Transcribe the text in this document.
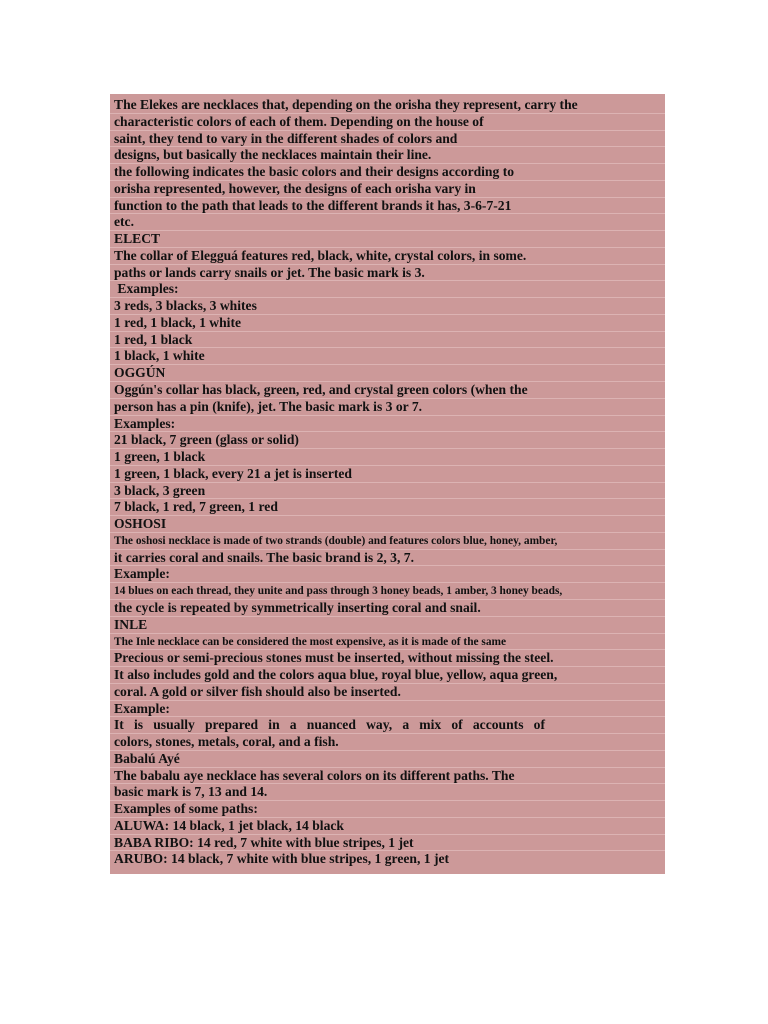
The Elekes are necklaces that, depending on the orisha they represent, carry the
characteristic colors of each of them. Depending on the house of
saint, they tend to vary in the different shades of colors and
designs, but basically the necklaces maintain their line.
the following indicates the basic colors and their designs according to
orisha represented, however, the designs of each orisha vary in
function to the path that leads to the different brands it has, 3-6-7-21
etc.
ELECT
The collar of Elegguá features red, black, white, crystal colors, in some.
paths or lands carry snails or jet. The basic mark is 3.
Examples:
3 reds, 3 blacks, 3 whites
1 red, 1 black, 1 white
1 red, 1 black
1 black, 1 white
OGGÚN
Oggún's collar has black, green, red, and crystal green colors (when the
person has a pin (knife), jet. The basic mark is 3 or 7.
Examples:
21 black, 7 green (glass or solid)
1 green, 1 black
1 green, 1 black, every 21 a jet is inserted
3 black, 3 green
7 black, 1 red, 7 green, 1 red
OSHOSI
The oshosi necklace is made of two strands (double) and features colors blue, honey, amber,
it carries coral and snails. The basic brand is 2, 3, 7.
Example:
14 blues on each thread, they unite and pass through 3 honey beads, 1 amber, 3 honey beads,
the cycle is repeated by symmetrically inserting coral and snail.
INLE
The Inle necklace can be considered the most expensive, as it is made of the same
Precious or semi-precious stones must be inserted, without missing the steel.
It also includes gold and the colors aqua blue, royal blue, yellow, aqua green,
coral. A gold or silver fish should also be inserted.
Example:
It is usually prepared in a nuanced way, a mix of accounts of
colors, stones, metals, coral, and a fish.
Babalú Ayé
The babalu aye necklace has several colors on its different paths. The
basic mark is 7, 13 and 14.
Examples of some paths:
ALUWA: 14 black, 1 jet black, 14 black
BABA RIBO: 14 red, 7 white with blue stripes, 1 jet
ARUBO: 14 black, 7 white with blue stripes, 1 green, 1 jet
